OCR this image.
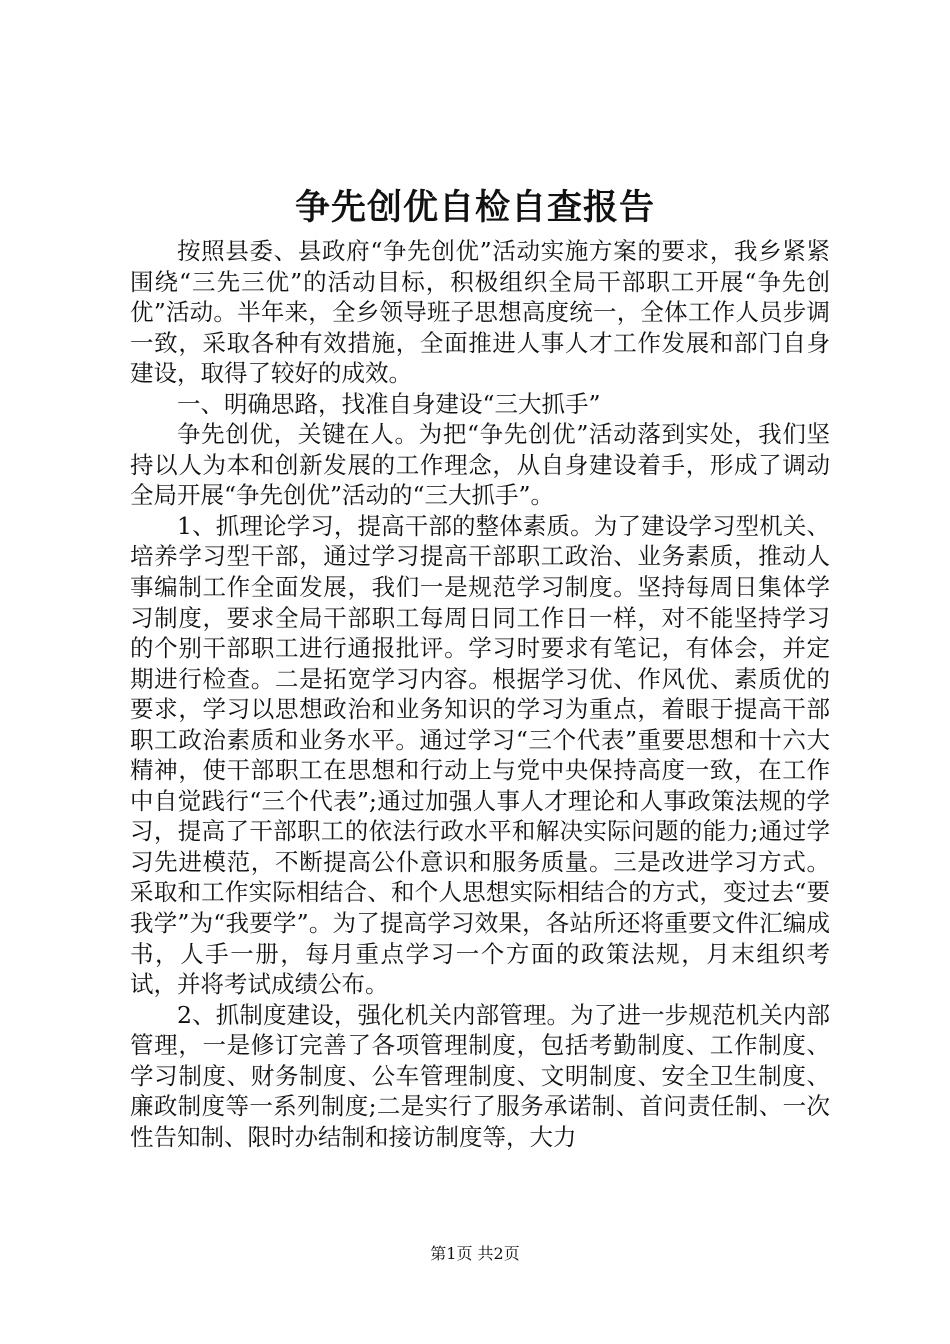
争先创优自检自查报告

按照县委、县政府“争先创优”活动实施方案的要求，我乡紧紧围绕“三先三优”的活动目标，积极组织全局干部职工开展“争先创优”活动。半年来，全乡领导班子思想高度统一，全体工作人员步调一致，采取各种有效措施，全面推进人事人才工作发展和部门自身建设，取得了较好的成效。

一、明确思路，找准自身建设“三大抓手”

争先创优，关键在人。为把“争先创优”活动落到实处，我们坚持以人为本和创新发展的工作理念，从自身建设着手，形成了调动全局开展“争先创优”活动的“三大抓手”。

1、抓理论学习，提高干部的整体素质。为了建设学习型机关、培养学习型干部，通过学习提高干部职工政治、业务素质，推动人事编制工作全面发展，我们一是规范学习制度。坚持每周日集体学习制度，要求全局干部职工每周日同工作日一样，对不能坚持学习的个别干部职工进行通报批评。学习时要求有笔记，有体会，并定期进行检查。二是拓宽学习内容。根据学习优、作风优、素质优的要求，学习以思想政治和业务知识的学习为重点，着眼于提高干部职工政治素质和业务水平。通过学习“三个代表”重要思想和十六大精神，使干部职工在思想和行动上与党中央保持高度一致，在工作中自觉践行“三个代表”;通过加强人事人才理论和人事政策法规的学习，提高了干部职工的依法行政水平和解决实际问题的能力;通过学习先进模范，不断提高公仆意识和服务质量。三是改进学习方式。采取和工作实际相结合、和个人思想实际相结合的方式，变过去“要我学”为“我要学”。为了提高学习效果，各站所还将重要文件汇编成书，人手一册，每月重点学习一个方面的政策法规，月末组织考试，并将考试成绩公布。

2、抓制度建设，强化机关内部管理。为了进一步规范机关内部管理，一是修订完善了各项管理制度，包括考勤制度、工作制度、学习制度、财务制度、公车管理制度、文明制度、安全卫生制度、廉政制度等一系列制度;二是实行了服务承诺制、首问责任制、一次性告知制、限时办结制和接访制度等，大力

第1页 共2页
